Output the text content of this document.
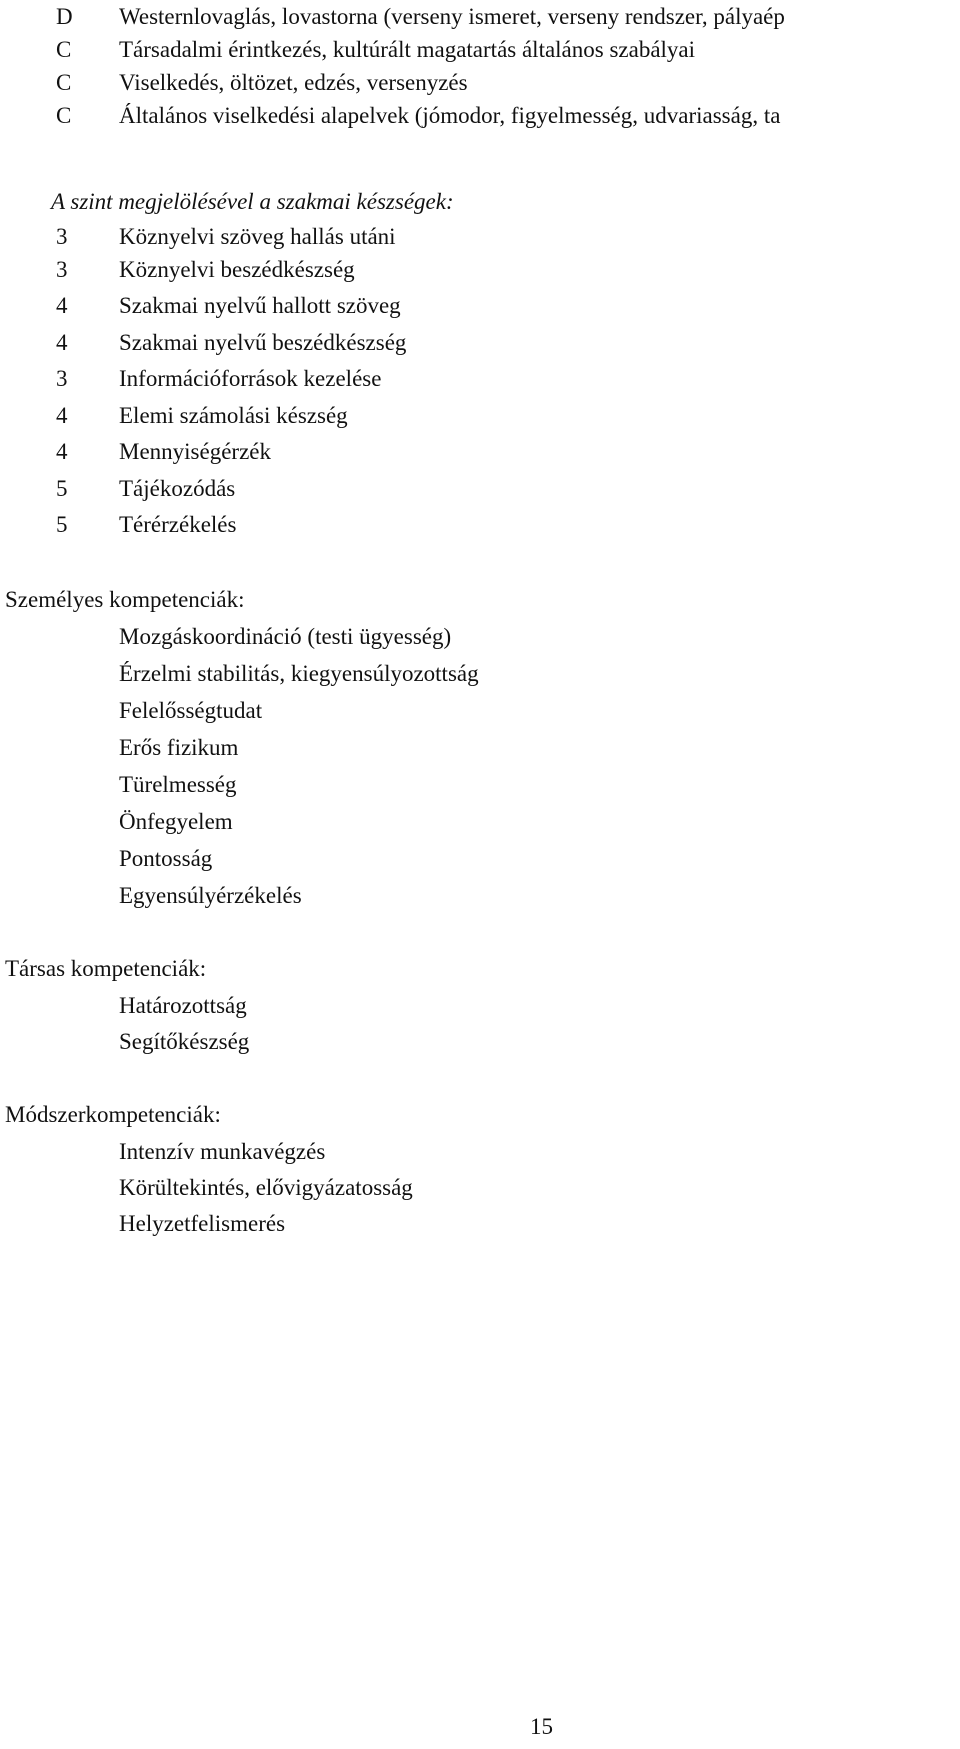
D	Westernlovaglás, lovastorna (verseny ismeret, verseny rendszer, pályaép
C	Társadalmi érintkezés, kultúrált magatartás általános szabályai
C	Viselkedés, öltözet, edzés, versenyzés
C	Általános viselkedési alapelvek (jómodor, figyelmesség, udvariasság, ta
A szint megjelölésével a szakmai készségek:
3	Köznyelvi szöveg hallás utáni
3	Köznyelvi beszédkészség
4	Szakmai nyelvű hallott szöveg
4	Szakmai nyelvű beszédkészség
3	Információforrások kezelése
4	Elemi számolási készség
4	Mennyiségérzék
5	Tájékozódás
5	Térérzékelés
Személyes kompetenciák:
Mozgáskoordináció (testi ügyesség)
Érzelmi stabilitás, kiegyensúlyozottság
Felelősségtudat
Erős fizikum
Türelmesség
Önfegyelem
Pontosság
Egyensúlyérzékelés
Társas kompetenciák:
Határozottság
Segítőkészség
Módszerkompetenciák:
Intenzív munkavégzés
Körültekintés, elővigyázatosság
Helyzetfelismerés
15
